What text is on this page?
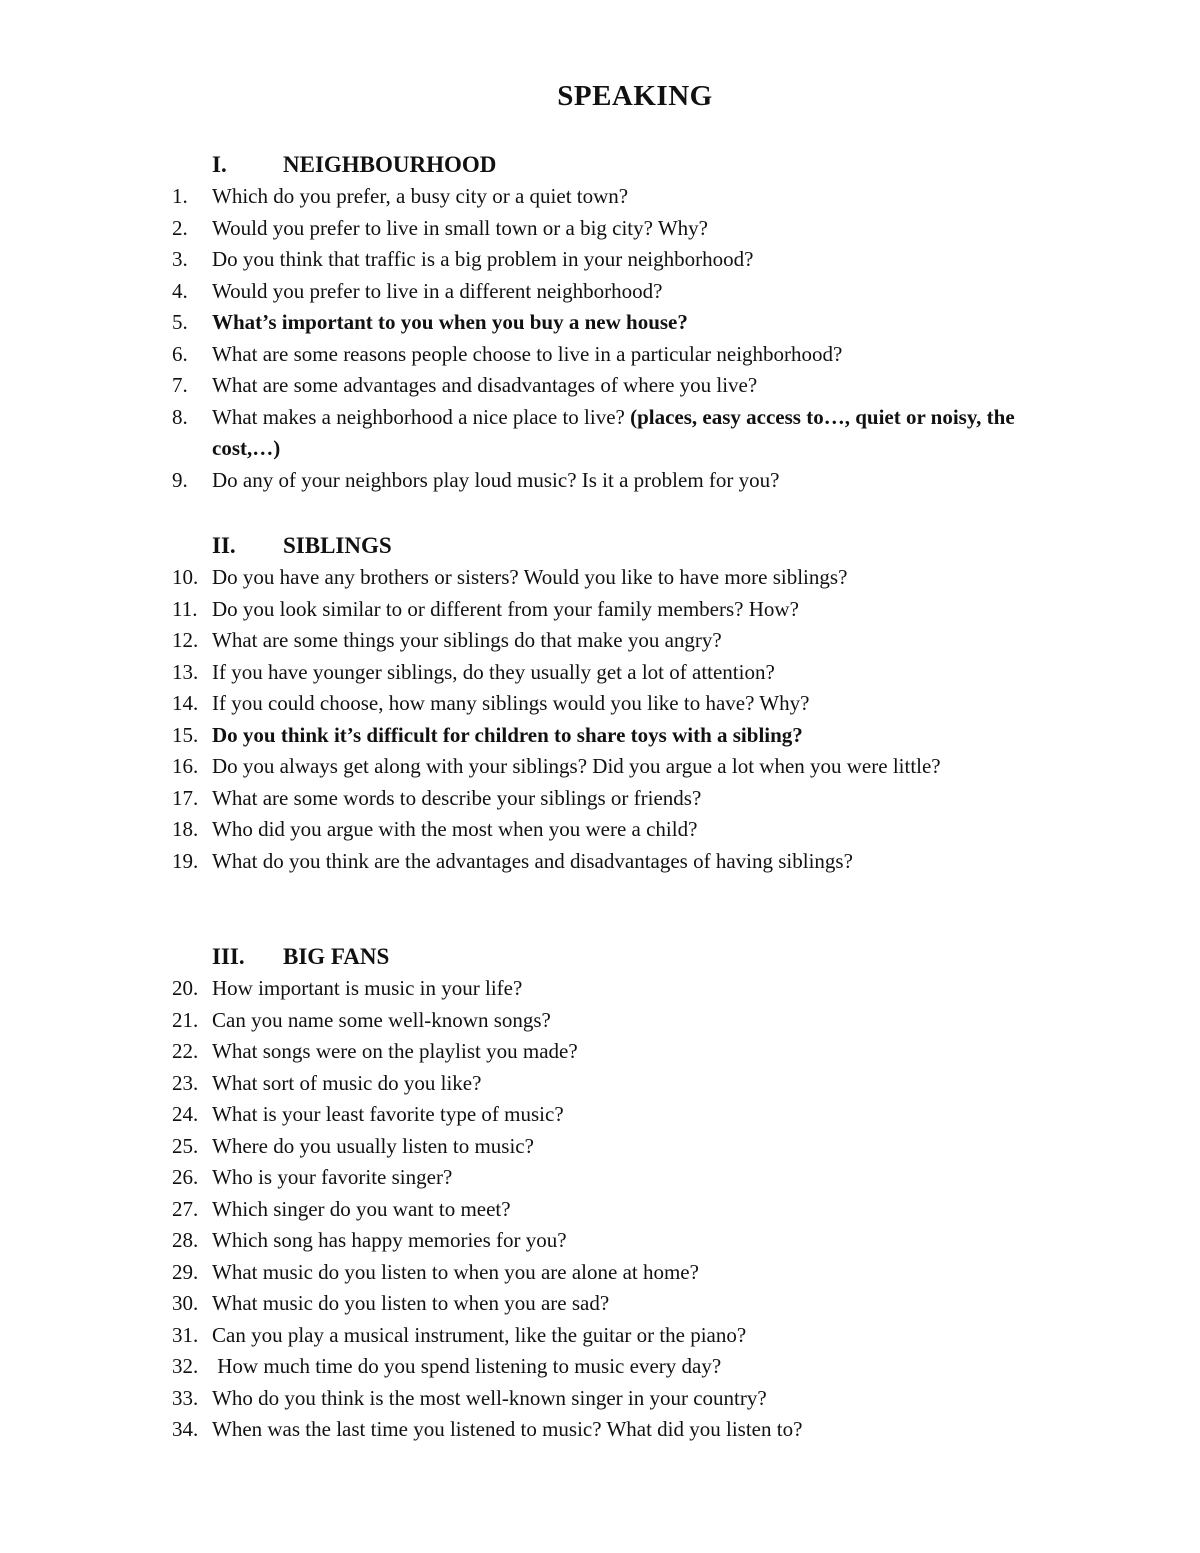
SPEAKING
I. NEIGHBOURHOOD
1. Which do you prefer, a busy city or a quiet town?
2. Would you prefer to live in small town or a big city? Why?
3. Do you think that traffic is a big problem in your neighborhood?
4. Would you prefer to live in a different neighborhood?
5. What’s important to you when you buy a new house?
6. What are some reasons people choose to live in a particular neighborhood?
7. What are some advantages and disadvantages of where you live?
8. What makes a neighborhood a nice place to live? (places, easy access to…, quiet or noisy, the cost,…)
9. Do any of your neighbors play loud music? Is it a problem for you?
II. SIBLINGS
10. Do you have any brothers or sisters? Would you like to have more siblings?
11. Do you look similar to or different from your family members? How?
12. What are some things your siblings do that make you angry?
13. If you have younger siblings, do they usually get a lot of attention?
14. If you could choose, how many siblings would you like to have? Why?
15. Do you think it’s difficult for children to share toys with a sibling?
16. Do you always get along with your siblings? Did you argue a lot when you were little?
17. What are some words to describe your siblings or friends?
18. Who did you argue with the most when you were a child?
19. What do you think are the advantages and disadvantages of having siblings?
III. BIG FANS
20. How important is music in your life?
21. Can you name some well-known songs?
22. What songs were on the playlist you made?
23. What sort of music do you like?
24. What is your least favorite type of music?
25. Where do you usually listen to music?
26. Who is your favorite singer?
27. Which singer do you want to meet?
28. Which song has happy memories for you?
29. What music do you listen to when you are alone at home?
30. What music do you listen to when you are sad?
31. Can you play a musical instrument, like the guitar or the piano?
32. How much time do you spend listening to music every day?
33. Who do you think is the most well-known singer in your country?
34. When was the last time you listened to music? What did you listen to?
